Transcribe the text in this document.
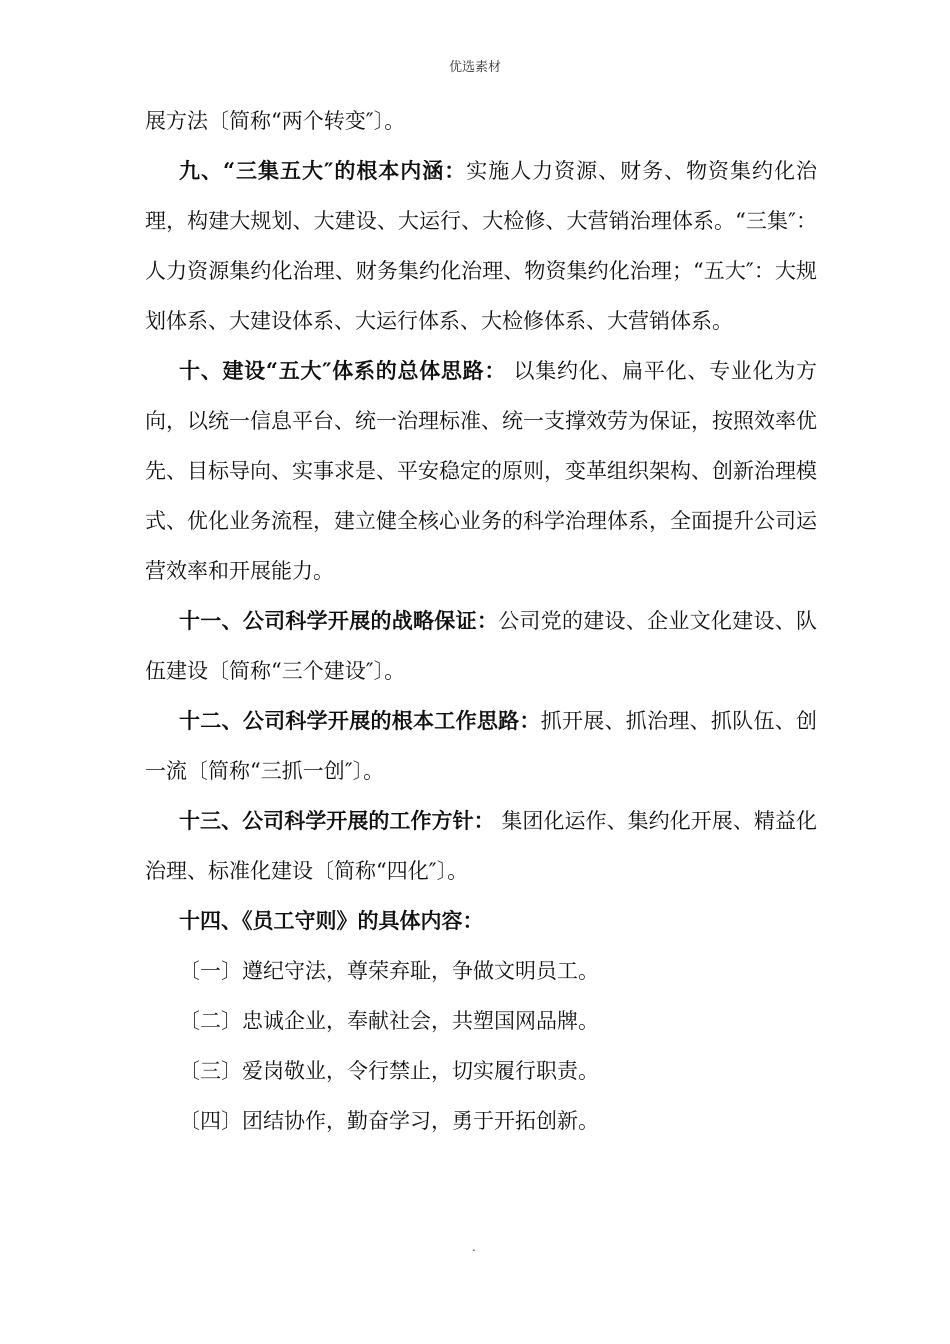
优选素材

展方法〔简称“两个转变″〕。

九、“三集五大″的根本内涵：实施人力资源、财务、物资集约化治理，构建大规划、大建设、大运行、大检修、大营销治理体系。“三集″：人力资源集约化治理、财务集约化治理、物资集约化治理；“五大″：大规划体系、大建设体系、大运行体系、大检修体系、大营销体系。

十、建设“五大″体系的总体思路： 以集约化、扁平化、专业化为方向，以统一信息平台、统一治理标准、统一支撑效劳为保证，按照效率优先、目标导向、实事求是、平安稳定的原则，变革组织架构、创新治理模式、优化业务流程，建立健全核心业务的科学治理体系，全面提升公司运营效率和开展能力。

十一、公司科学开展的战略保证：公司党的建设、企业文化建设、队伍建设〔简称“三个建设″〕。

十二、公司科学开展的根本工作思路：抓开展、抓治理、抓队伍、创一流〔简称“三抓一创″〕。

十三、公司科学开展的工作方针： 集团化运作、集约化开展、精益化治理、标准化建设〔简称“四化″〕。

十四、《员工守则》的具体内容：

〔一〕遵纪守法，尊荣弃耻，争做文明员工。

〔二〕忠诚企业，奉献社会，共塑国网品牌。

〔三〕爱岗敬业，令行禁止，切实履行职责。

〔四〕团结协作，勤奋学习，勇于开拓创新。

.
